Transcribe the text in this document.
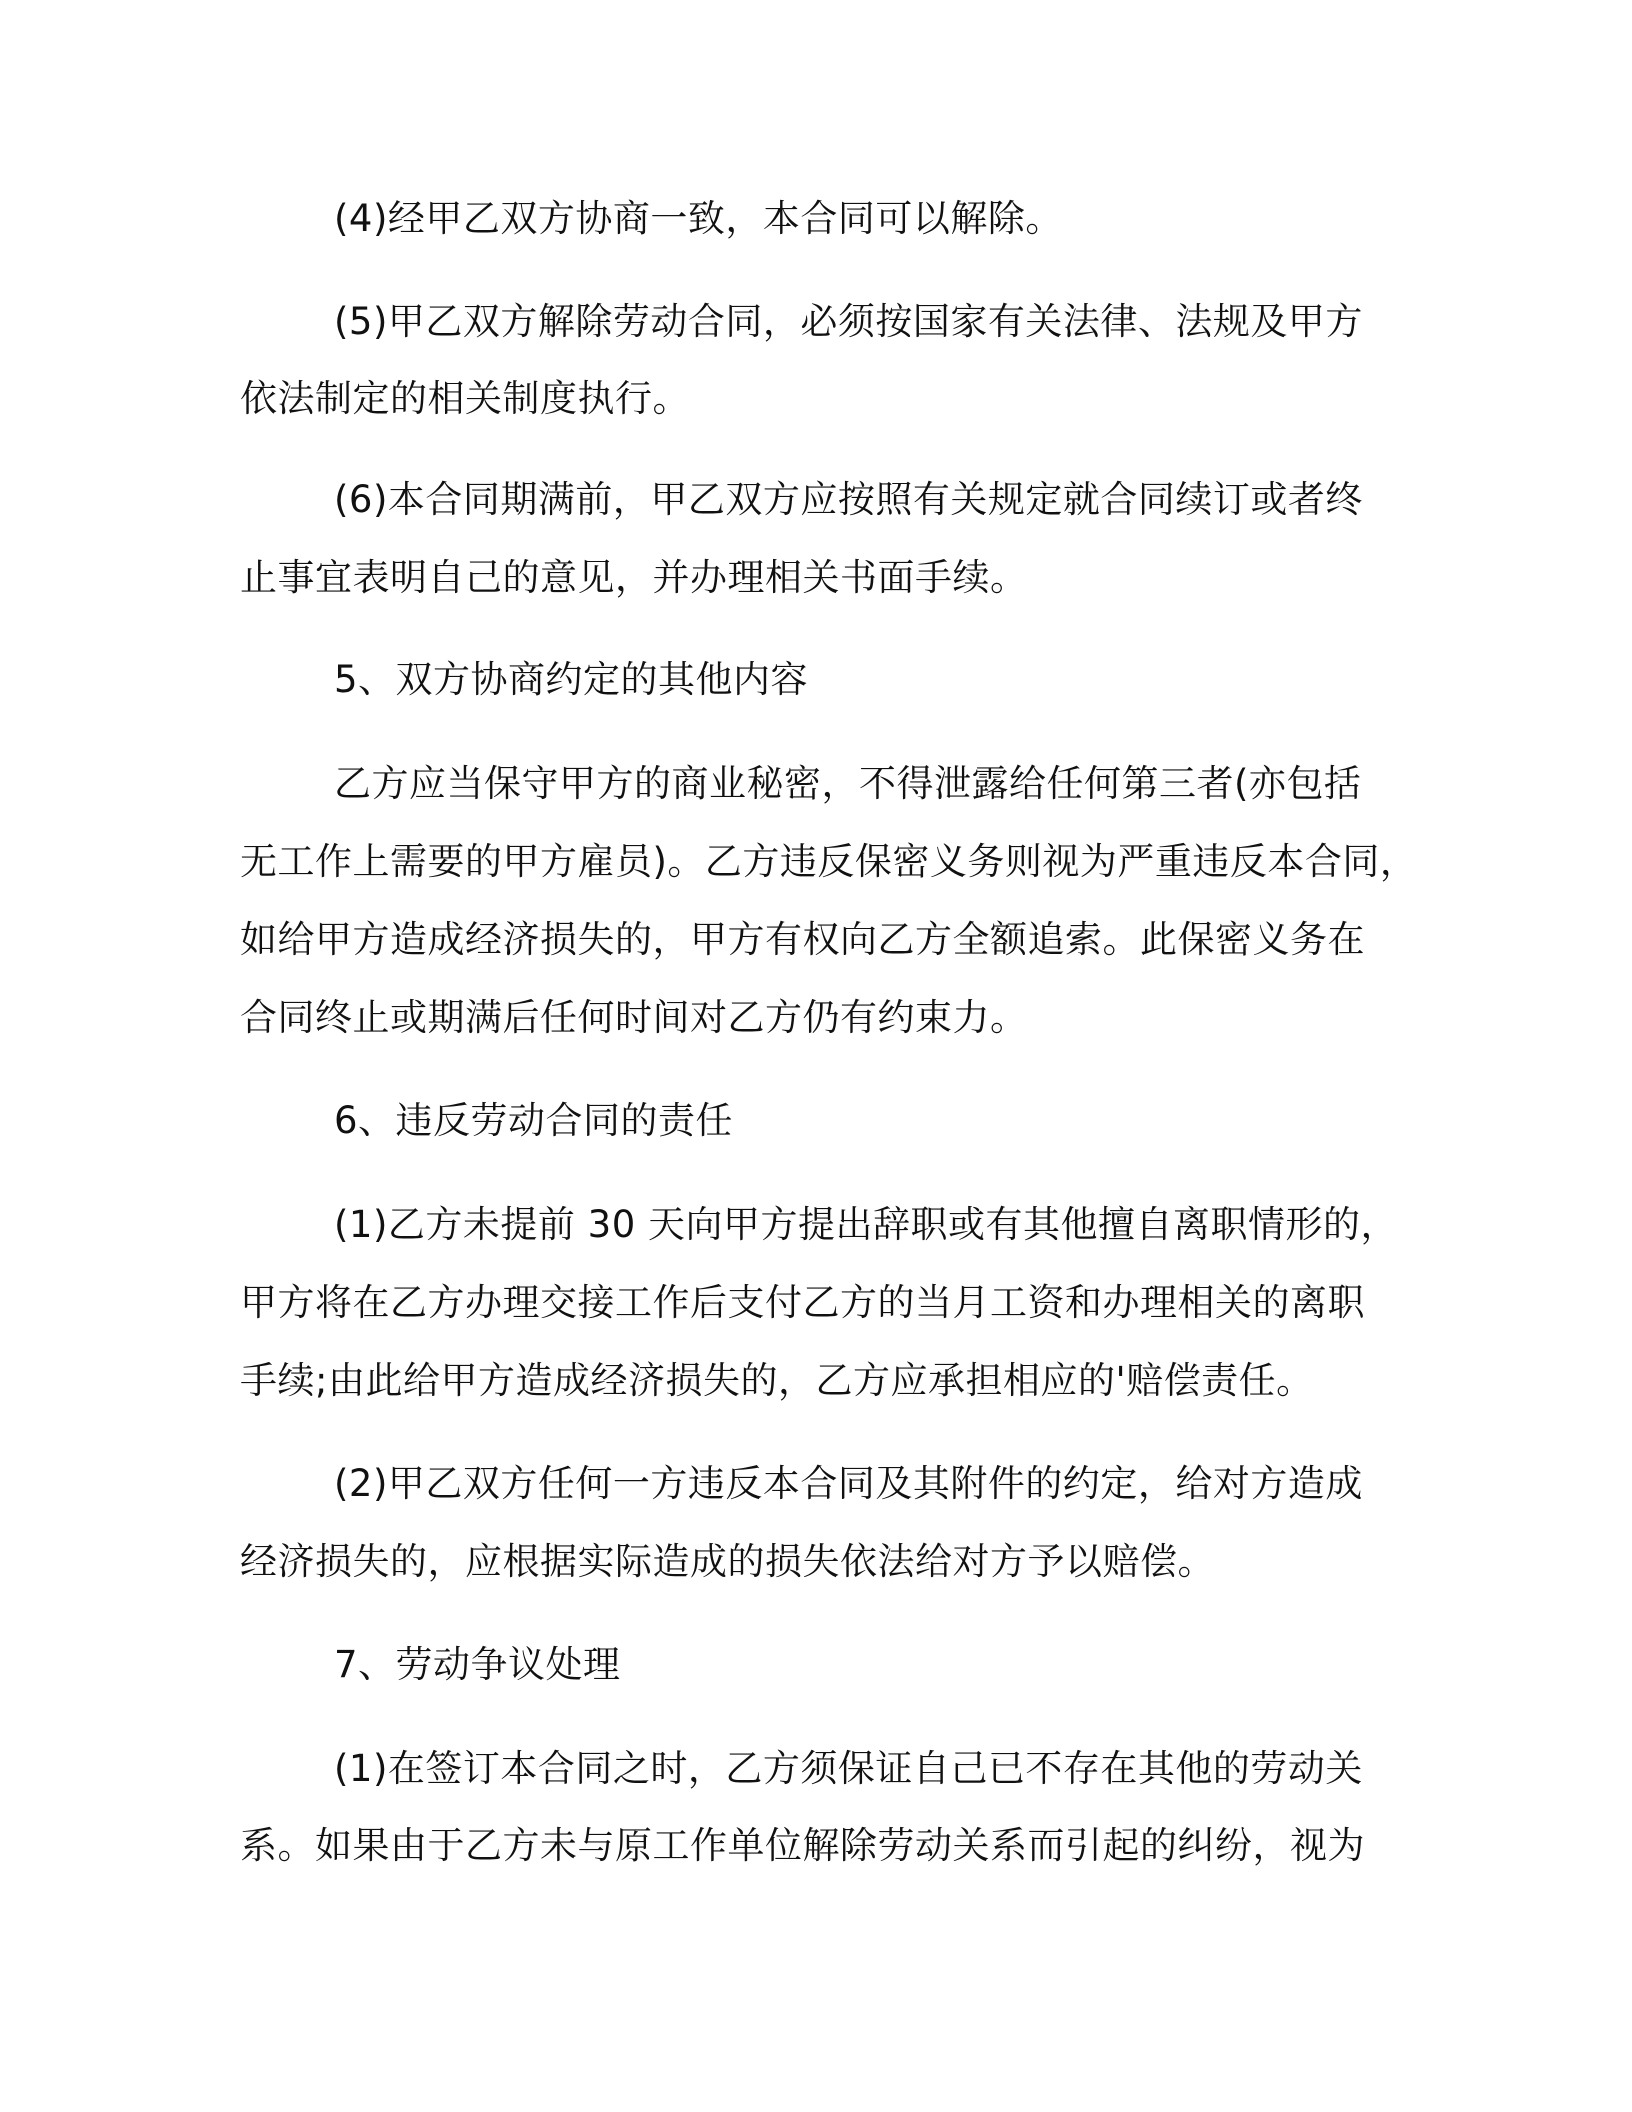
(4)经甲乙双方协商一致，本合同可以解除。

(5)甲乙双方解除劳动合同，必须按国家有关法律、法规及甲方

依法制定的相关制度执行。

(6)本合同期满前，甲乙双方应按照有关规定就合同续订或者终

止事宜表明自己的意见，并办理相关书面手续。

5、双方协商约定的其他内容

乙方应当保守甲方的商业秘密，不得泄露给任何第三者(亦包括

无工作上需要的甲方雇员)。乙方违反保密义务则视为严重违反本合同，

如给甲方造成经济损失的，甲方有权向乙方全额追索。此保密义务在

合同终止或期满后任何时间对乙方仍有约束力。

6、违反劳动合同的责任

(1)乙方未提前 30 天向甲方提出辞职或有其他擅自离职情形的，

甲方将在乙方办理交接工作后支付乙方的当月工资和办理相关的离职

手续;由此给甲方造成经济损失的，乙方应承担相应的'赔偿责任。

(2)甲乙双方任何一方违反本合同及其附件的约定，给对方造成

经济损失的，应根据实际造成的损失依法给对方予以赔偿。

7、劳动争议处理

(1)在签订本合同之时，乙方须保证自己已不存在其他的劳动关

系。如果由于乙方未与原工作单位解除劳动关系而引起的纠纷，视为
